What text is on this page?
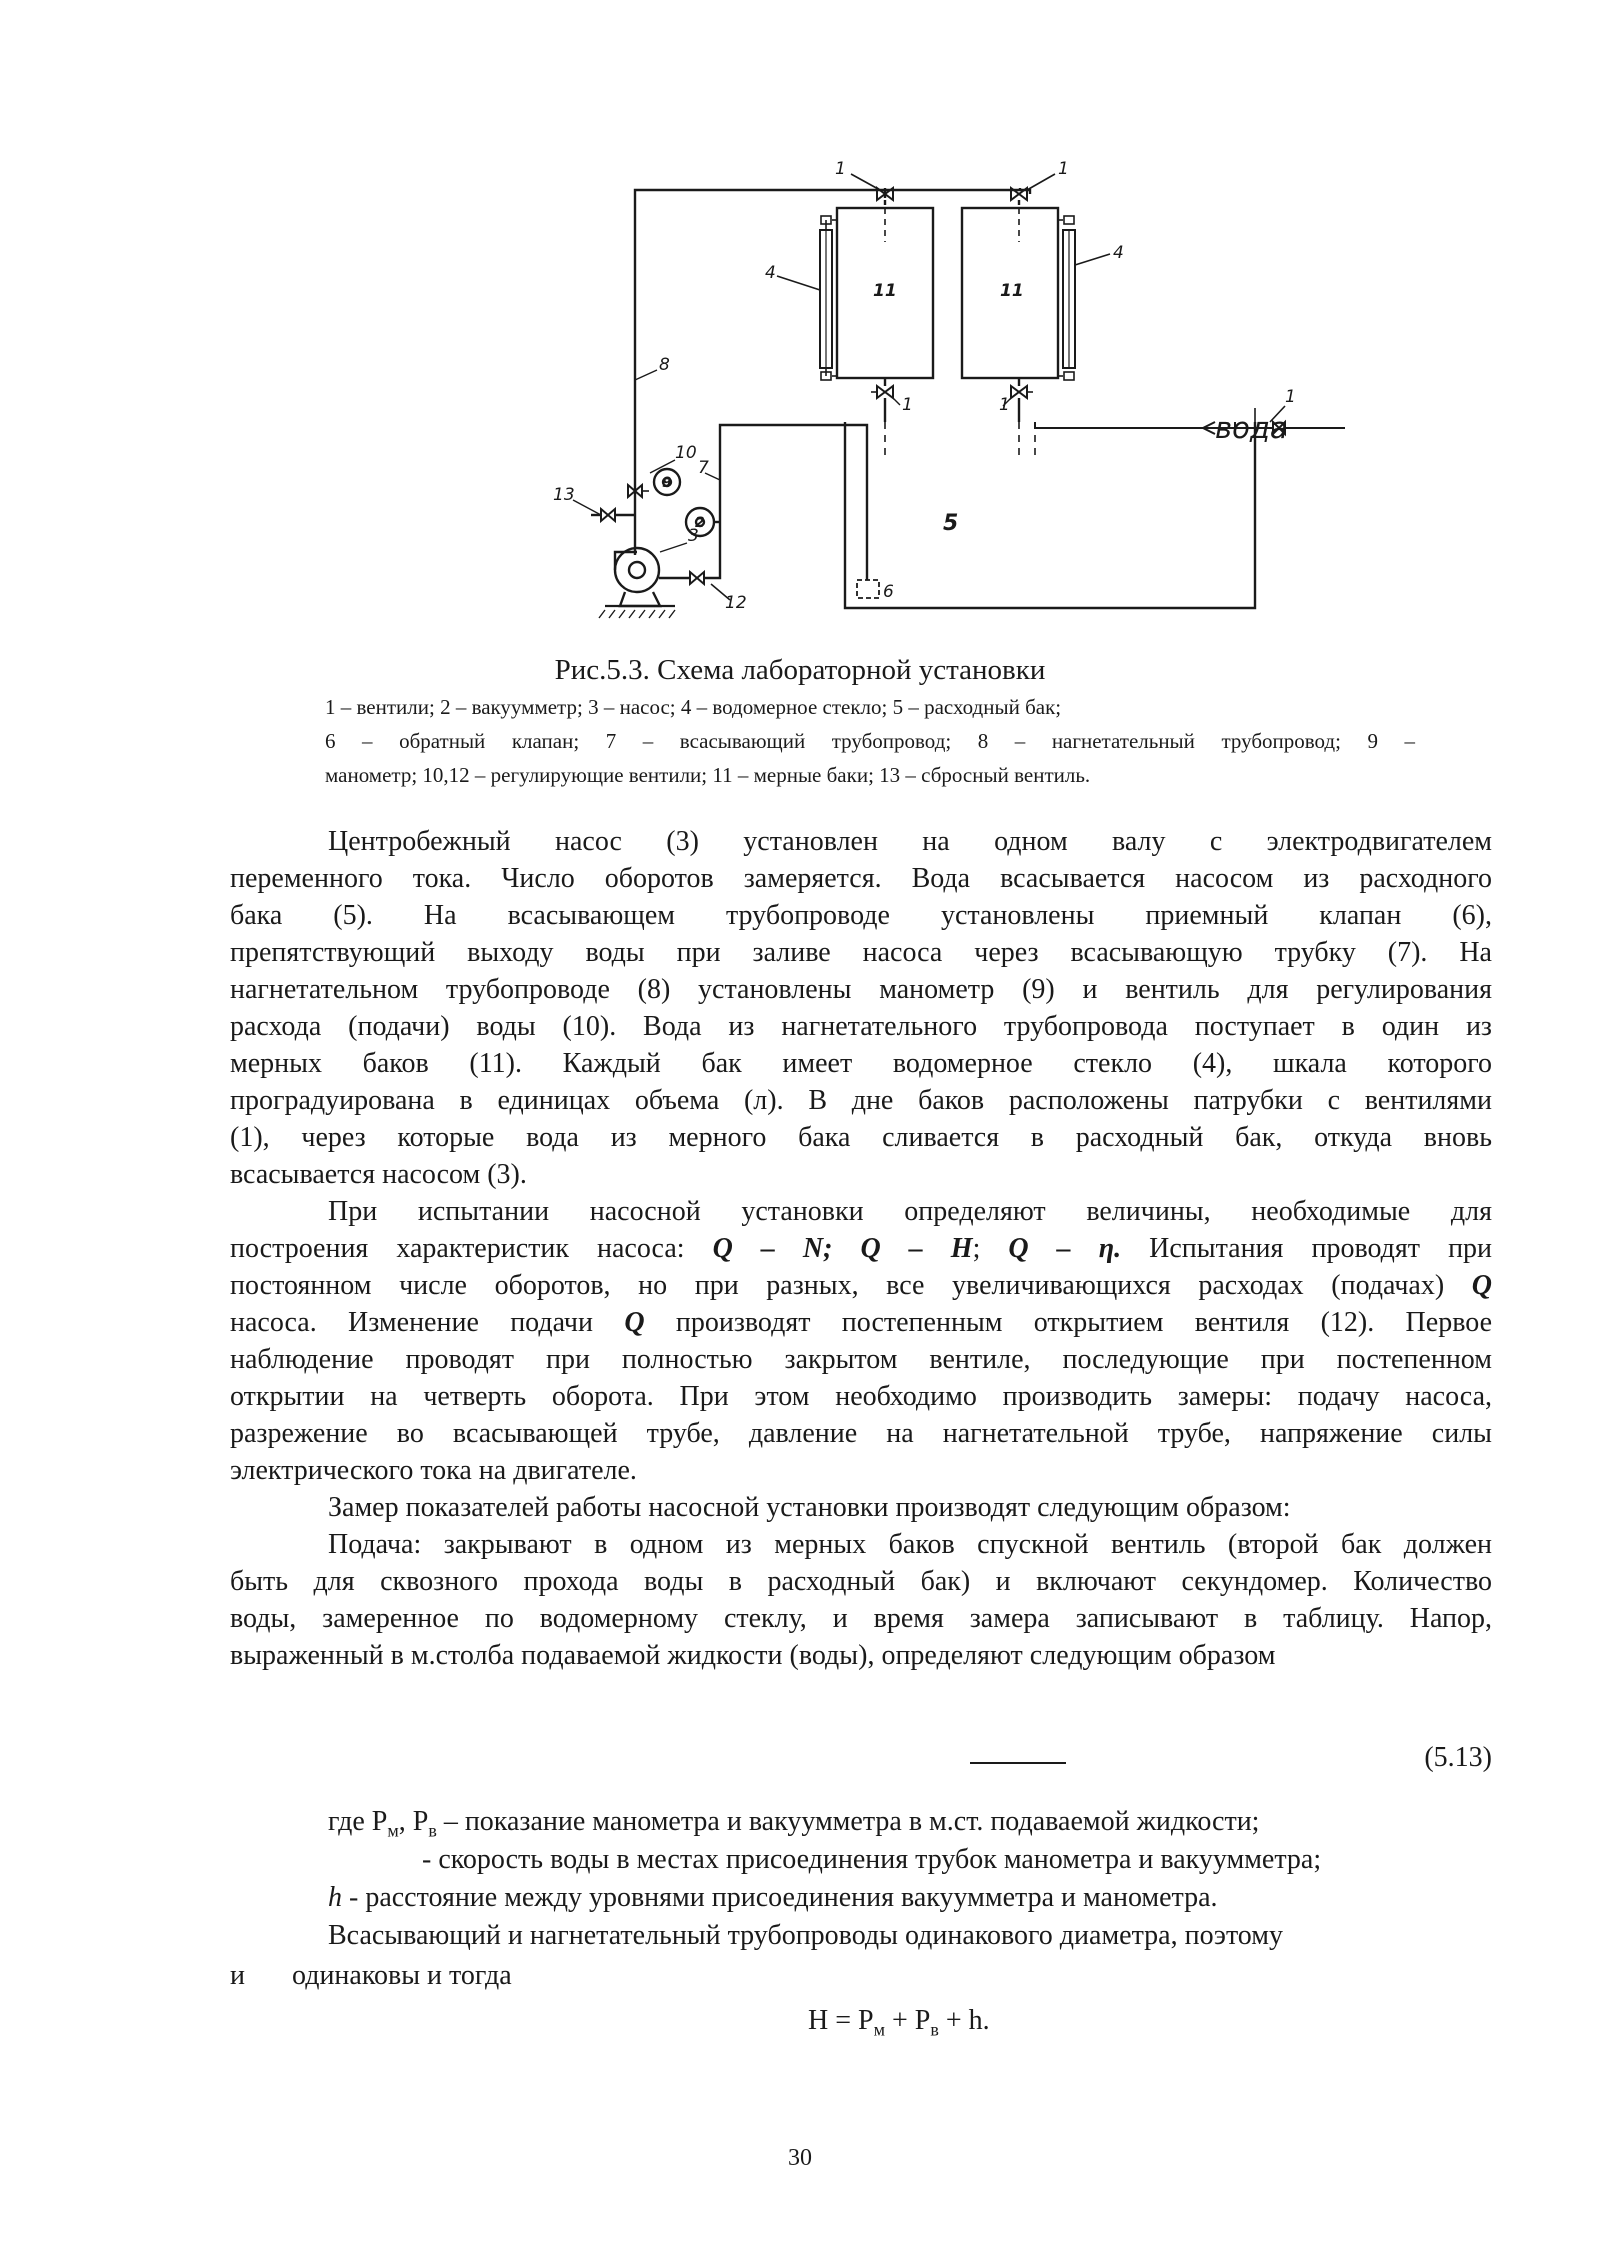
1	1
4
4
11	11
1	1	1
вода
5
6
7
2
8
9
10
13
3
12
Рис.5.3. Схема лабораторной установки
1 – вентили; 2 – вакуумметр; 3 – насос; 4 – водомерное стекло; 5 – расходный бак;
6 – обратный клапан; 7 – всасывающий трубопровод; 8 – нагнетательный трубопровод; 9 –
манометр; 10,12 – регулирующие вентили; 11 – мерные баки; 13 – сбросный вентиль.

Центробежный насос (3) установлен на одном валу с электродвигателем
переменного тока. Число оборотов замеряется. Вода всасывается насосом из расходного
бака (5). На всасывающем трубопроводе установлены приемный клапан (6),
препятствующий выходу воды при заливе насоса через всасывающую трубку (7). На
нагнетательном трубопроводе (8) установлены манометр (9) и вентиль для регулирования
расхода (подачи) воды (10). Вода из нагнетательного трубопровода поступает в один из
мерных баков (11). Каждый бак имеет водомерное стекло (4), шкала которого
проградуирована в единицах объема (л). В дне баков расположены патрубки с вентилями
(1), через которые вода из мерного бака сливается в расходный бак, откуда вновь
всасывается насосом (3).

При испытании насосной установки определяют величины, необходимые для
построения характеристик насоса: Q – N; Q – H; Q – η. Испытания проводят при
постоянном числе оборотов, но при разных, все увеличивающихся расходах (подачах) Q
насоса. Изменение подачи Q производят постепенным открытием вентиля (12). Первое
наблюдение проводят при полностью закрытом вентиле, последующие при постепенном
открытии на четверть оборота. При этом необходимо производить замеры: подачу насоса,
разрежение во всасывающей трубе, давление на нагнетательной трубе, напряжение силы
электрического тока на двигателе.

Замер показателей работы насосной установки производят следующим образом:

Подача: закрывают в одном из мерных баков спускной вентиль (второй бак должен
быть для сквозного прохода воды в расходный бак) и включают секундомер. Количество
воды, замеренное по водомерному стеклу, и время замера записывают в таблицу. Напор,
выраженный в м.столба подаваемой жидкости (воды), определяют следующим образом

(5.13)
где $Р_м$, $Р_в$ – показание манометра и вакуумметра в м.ст. подаваемой жидкости;
- скорость воды в местах присоединения трубок манометра и вакуумметра;
h - расстояние между уровнями присоединения вакуумметра и манометра.
Всасывающий и нагнетательный трубопроводы одинакового диаметра, поэтому
и одинаковы и тогда
$H = Р_м + Р_в + h$.
30
